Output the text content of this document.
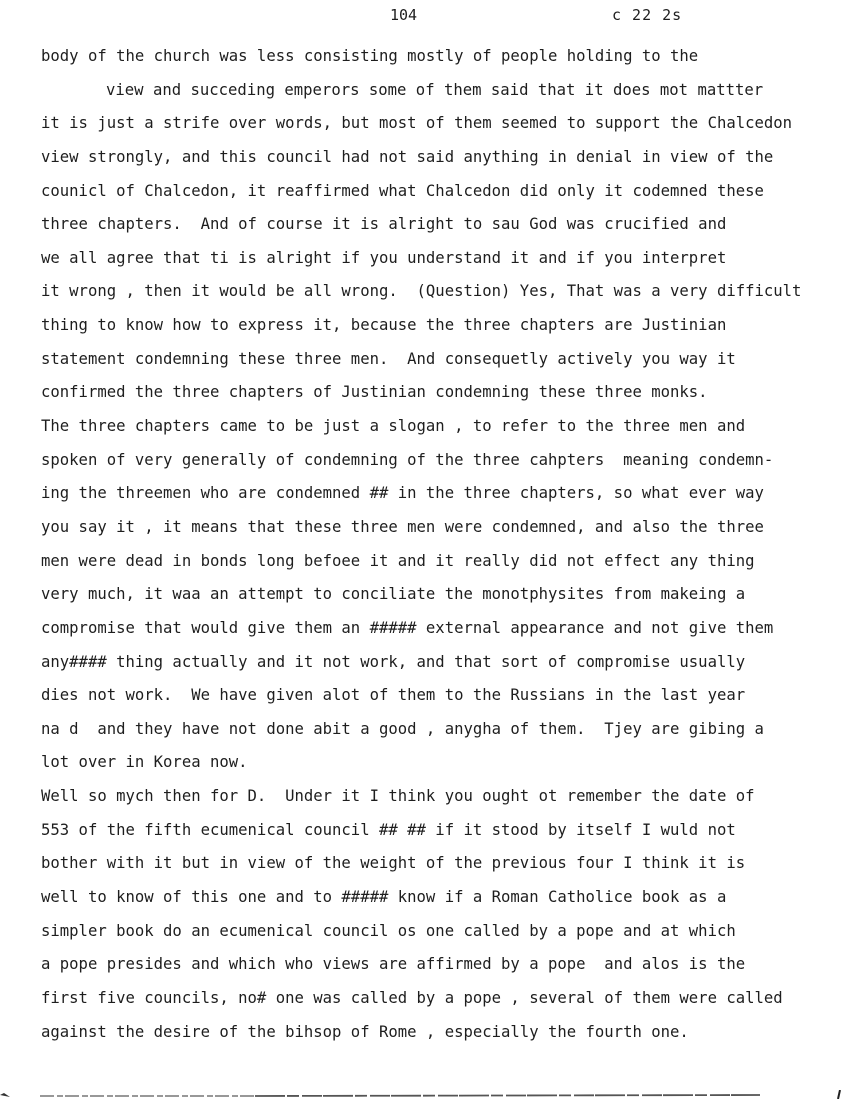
104	c 22 2s
body of the church was less consisting mostly of people holding to the
view and succeding emperors some of them said that it does mot mattter
it is just a strife over words, but most of them seemed to support the Chalcedon
view strongly, and this council had not said anything in denial in view of the
counicl of Chalcedon, it reaffirmed what Chalcedon did only it codemned these
three chapters.  And of course it is alright to sau God was crucified and
we all agree that ti is alright if you understand it and if you interpret
it wrong , then it would be all wrong.  (Question) Yes, That was a very difficult
thing to know how to express it, because the three chapters are Justinian
statement condemning these three men.  And consequetly actively you way it
confirmed the three chapters of Justinian condemning these three monks.
The three chapters came to be just a slogan , to refer to the three men and
spoken of very generally of condemning of the three cahpters  meaning condemn-
ing the threemen who are condemned ## in the three chapters, so what ever way
you say it , it means that these three men were condemned, and also the three
men were dead in bonds long befoee it and it really did not effect any thing
very much, it waa an attempt to conciliate the monotphysites from makeing a
compromise that would give them an ##### external appearance and not give them
any#### thing actually and it not work, and that sort of compromise usually
dies not work.  We have given alot of them to the Russians in the last year
na d  and they have not done abit a good , anygha of them.  Tjey are gibing a
lot over in Korea now.
Well so mych then for D.  Under it I think you ought ot remember the date of
553 of the fifth ecumenical council ## ## if it stood by itself I wuld not
bother with it but in view of the weight of the previous four I think it is
well to know of this one and to ##### know if a Roman Catholice book as a
simpler book do an ecumenical council os one called by a pope and at which
a pope presides and which who views are affirmed by a pope  and alos is the
first five councils, no# one was called by a pope , several of them were called
against the desire of the bihsop of Rome , especially the fourth one.
